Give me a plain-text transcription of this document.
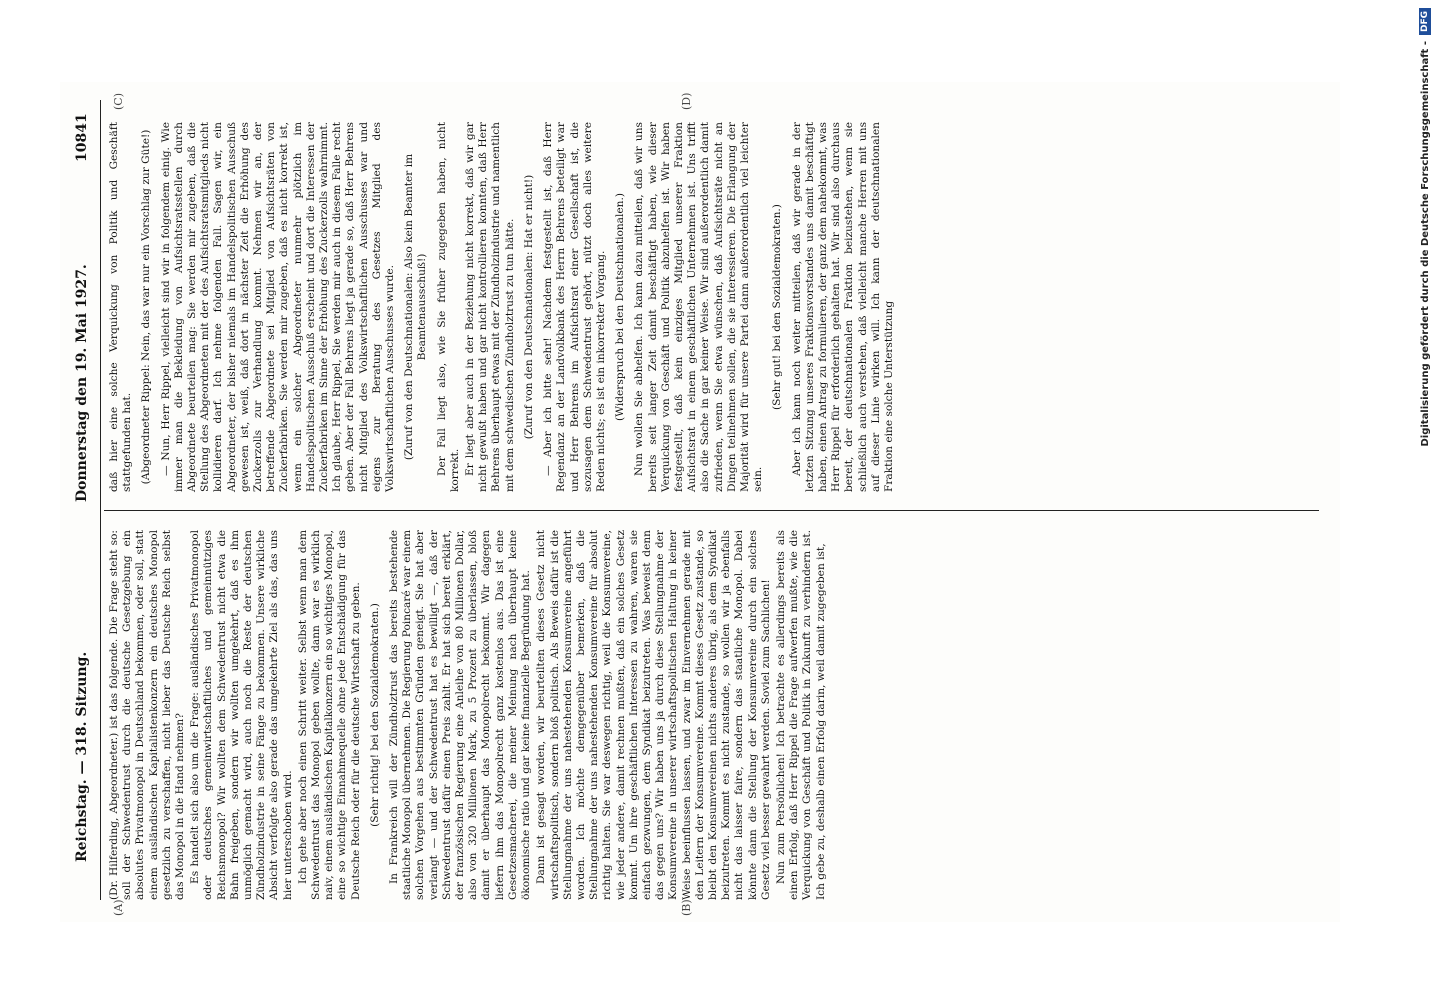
Reichstag. — 318. Sitzung.
Donnerstag den 19. Mai 1927.
10841
(A)	(B)
(C)	(D)

(Dr. Hilferding, Abgeordneter.) ist das folgende. Die Frage steht so: soll der Schwedentrust durch die deutsche Gesetzgebung ein absolutes Privatmonopol in Deutschland bekommen, oder soll, statt einem ausländischen Kapitalistenkonzern ein deutsches Monopol gesetzlich zu verschaffen, nicht lieber das Deutsche Reich selbst das Monopol in die Hand nehmen? Es handelt sich also um die Frage: ausländisches Privatmonopol oder deutsches gemeinwirtschaftliches und gemeinnütziges Reichsmonopol? Wir wollten dem Schwedentrust nicht etwa die Bahn freigeben, sondern wir wollten umgekehrt, daß es ihm unmöglich gemacht wird, auch noch die Reste der deutschen Zündholzindustrie in seine Fänge zu bekommen. Unsere wirkliche Absicht verfolgte also gerade das umgekehrte Ziel als das, das uns hier unterschoben wird. Ich gehe aber noch einen Schritt weiter. Selbst wenn man dem Schwedentrust das Monopol geben wollte, dann war es wirklich naiv, einem ausländischen Kapitalkonzern ein so wichtiges Monopol, eine so wichtige Einnahmequelle ohne jede Entschädigung für das Deutsche Reich oder für die deutsche Wirtschaft zu geben. (Sehr richtig! bei den Sozialdemokraten.) In Frankreich will der Zündholztrust das bereits bestehende staatliche Monopol übernehmen. Die Regierung Poincaré war einem solchen Vorgehen aus bestimmten Gründen geneigt. Sie hat aber verlangt — und der Schwedentrust hat es bewilligt —, daß der Schwedentrust dafür einen Preis zahlt. Er hat sich bereit erklärt, der französischen Regierung eine Anleihe von 80 Millionen Dollar, also von 320 Millionen Mark, zu 5 Prozent zu überlassen, bloß damit er überhaupt das Monopolrecht bekommt. Wir dagegen liefern ihm das Monopolrecht ganz kostenlos aus. Das ist eine Gesetzesmacherei, die meiner Meinung nach überhaupt keine ökonomische ratio und gar keine finanzielle Begründung hat. Dann ist gesagt worden, wir beurteilten dieses Gesetz nicht wirtschaftspolitisch, sondern bloß politisch. Als Beweis dafür ist die Stellungnahme der uns nahestehenden Konsumvereine angeführt worden. Ich möchte demgegenüber bemerken, daß die Stellungnahme der uns nahestehenden Konsumvereine für absolut richtig halten. Sie war deswegen richtig, weil die Konsumvereine, wie jeder andere, damit rechnen mußten, daß ein solches Gesetz kommt. Um ihre geschäftlichen Interessen zu wahren, waren sie einfach gezwungen, dem Syndikat beizutreten. Was beweist denn das gegen uns? Wir haben uns ja durch diese Stellungnahme der Konsumvereine in unserer wirtschaftspolitischen Haltung in keiner Weise beeinflussen lassen, und zwar im Einvernehmen gerade mit den Leitern der Konsumvereine. Kommt dieses Gesetz zustande, so bleibt den Konsumvereinen nichts anderes übrig, als dem Syndikat beizutreten. Kommt es nicht zustande, so wollen wir ja ebenfalls nicht das laisser faire, sondern das staatliche Monopol. Dabei könnte dann die Stellung der Konsumvereine durch ein solches Gesetz viel besser gewahrt werden. Soviel zum Sachlichen! Nun zum Persönlichen! Ich betrachte es allerdings bereits als einen Erfolg, daß Herr Rippel die Frage aufwerfen mußte, wie die Verquickung von Geschäft und Politik in Zukunft zu verhindern ist. Ich gebe zu, deshalb einen Erfolg darin, weil damit zugegeben ist,

daß hier eine solche Verquickung von Politik und Geschäft stattgefunden hat. (Abgeordneter Rippel: Nein, das war nur ein Vorschlag zur Güte!) — Nun, Herr Rippel, vielleicht sind wir in folgendem einig. Wie immer man die Bekleidung von Aufsichtsratsstellen durch Abgeordnete beurteilen mag: Sie werden mir zugeben, daß die Stellung des Abgeordneten mit der des Aufsichtsratsmitglieds nicht kollidieren darf. Ich nehme folgenden Fall. Sagen wir, ein Abgeordneter, der bisher niemals im Handelspolitischen Ausschuß gewesen ist, weiß, daß dort in nächster Zeit die Erhöhung des Zuckerzolls zur Verhandlung kommt. Nehmen wir an, der betreffende Abgeordnete sei Mitglied von Aufsichtsräten von Zuckerfabriken. Sie werden mir zugeben, daß es nicht korrekt ist, wenn ein solcher Abgeordneter nunmehr plötzlich im Handelspolitischen Ausschuß erscheint und dort die Interessen der Zuckerfabriken im Sinne der Erhöhung des Zuckerzolls wahrnimmt. Ich glaube, Herr Rippel, Sie werden mir auch in diesem Falle recht geben. Aber der Fall Behrens liegt ja gerade so, daß Herr Behrens nicht Mitglied des Volkswirtschaftlichen Ausschusses war und eigens zur Beratung des Gesetzes Mitglied des Volkswirtschaftlichen Ausschusses wurde. (Zuruf von den Deutschnationalen: Also kein Beamter im Beamtenausschuß!) Der Fall liegt also, wie Sie früher zugegeben haben, nicht korrekt. Er liegt aber auch in der Beziehung nicht korrekt, daß wir gar nicht gewußt haben und gar nicht kontrollieren konnten, daß Herr Behrens überhaupt etwas mit der Zündholzindustrie und namentlich mit dem schwedischen Zündholztrust zu tun hätte. (Zuruf von den Deutschnationalen: Hat er nicht!) — Aber ich bitte sehr! Nachdem festgestellt ist, daß Herr Regendanz an der Landvolkbank des Herrn Behrens beteiligt war und Herr Behrens im Aufsichtsrat einer Gesellschaft ist, die sozusagen dem Schwedentrust gehört, nützt doch alles weitere Reden nichts; es ist ein inkorrekter Vorgang. (Widerspruch bei den Deutschnationalen.) Nun wollen Sie abhelfen. Ich kann dazu mitteilen, daß wir uns bereits seit langer Zeit damit beschäftigt haben, wie dieser Verquickung von Geschäft und Politik abzuhelfen ist. Wir haben festgestellt, daß kein einziges Mitglied unserer Fraktion Aufsichtsrat in einem geschäftlichen Unternehmen ist. Uns trifft also die Sache in gar keiner Weise. Wir sind außerordentlich damit zufrieden, wenn Sie etwa wünschen, daß Aufsichtsräte nicht an Dingen teilnehmen sollen, die sie interessieren. Die Erlangung der Majorität wird für unsere Partei dann außerordentlich viel leichter sein.

(Sehr gut! bei den Sozialdemokraten.) Aber ich kann noch weiter mitteilen, daß wir gerade in der letzten Sitzung unseres Fraktionsvorstandes uns damit beschäftigt haben, einen Antrag zu formulieren, der ganz dem nahekommt, was Herr Rippel für erforderlich gehalten hat. Wir sind also durchaus bereit, der deutschnationalen Fraktion beizustehen, wenn sie schließlich auch verstehen, daß vielleicht manche Herren mit uns auf dieser Linie wirken will. Ich kann der deutschnationalen Fraktion eine solche Unterstützung	Digitalisierung gefördert durch die Deutsche Forschungsgemeinschaft -
DFG
